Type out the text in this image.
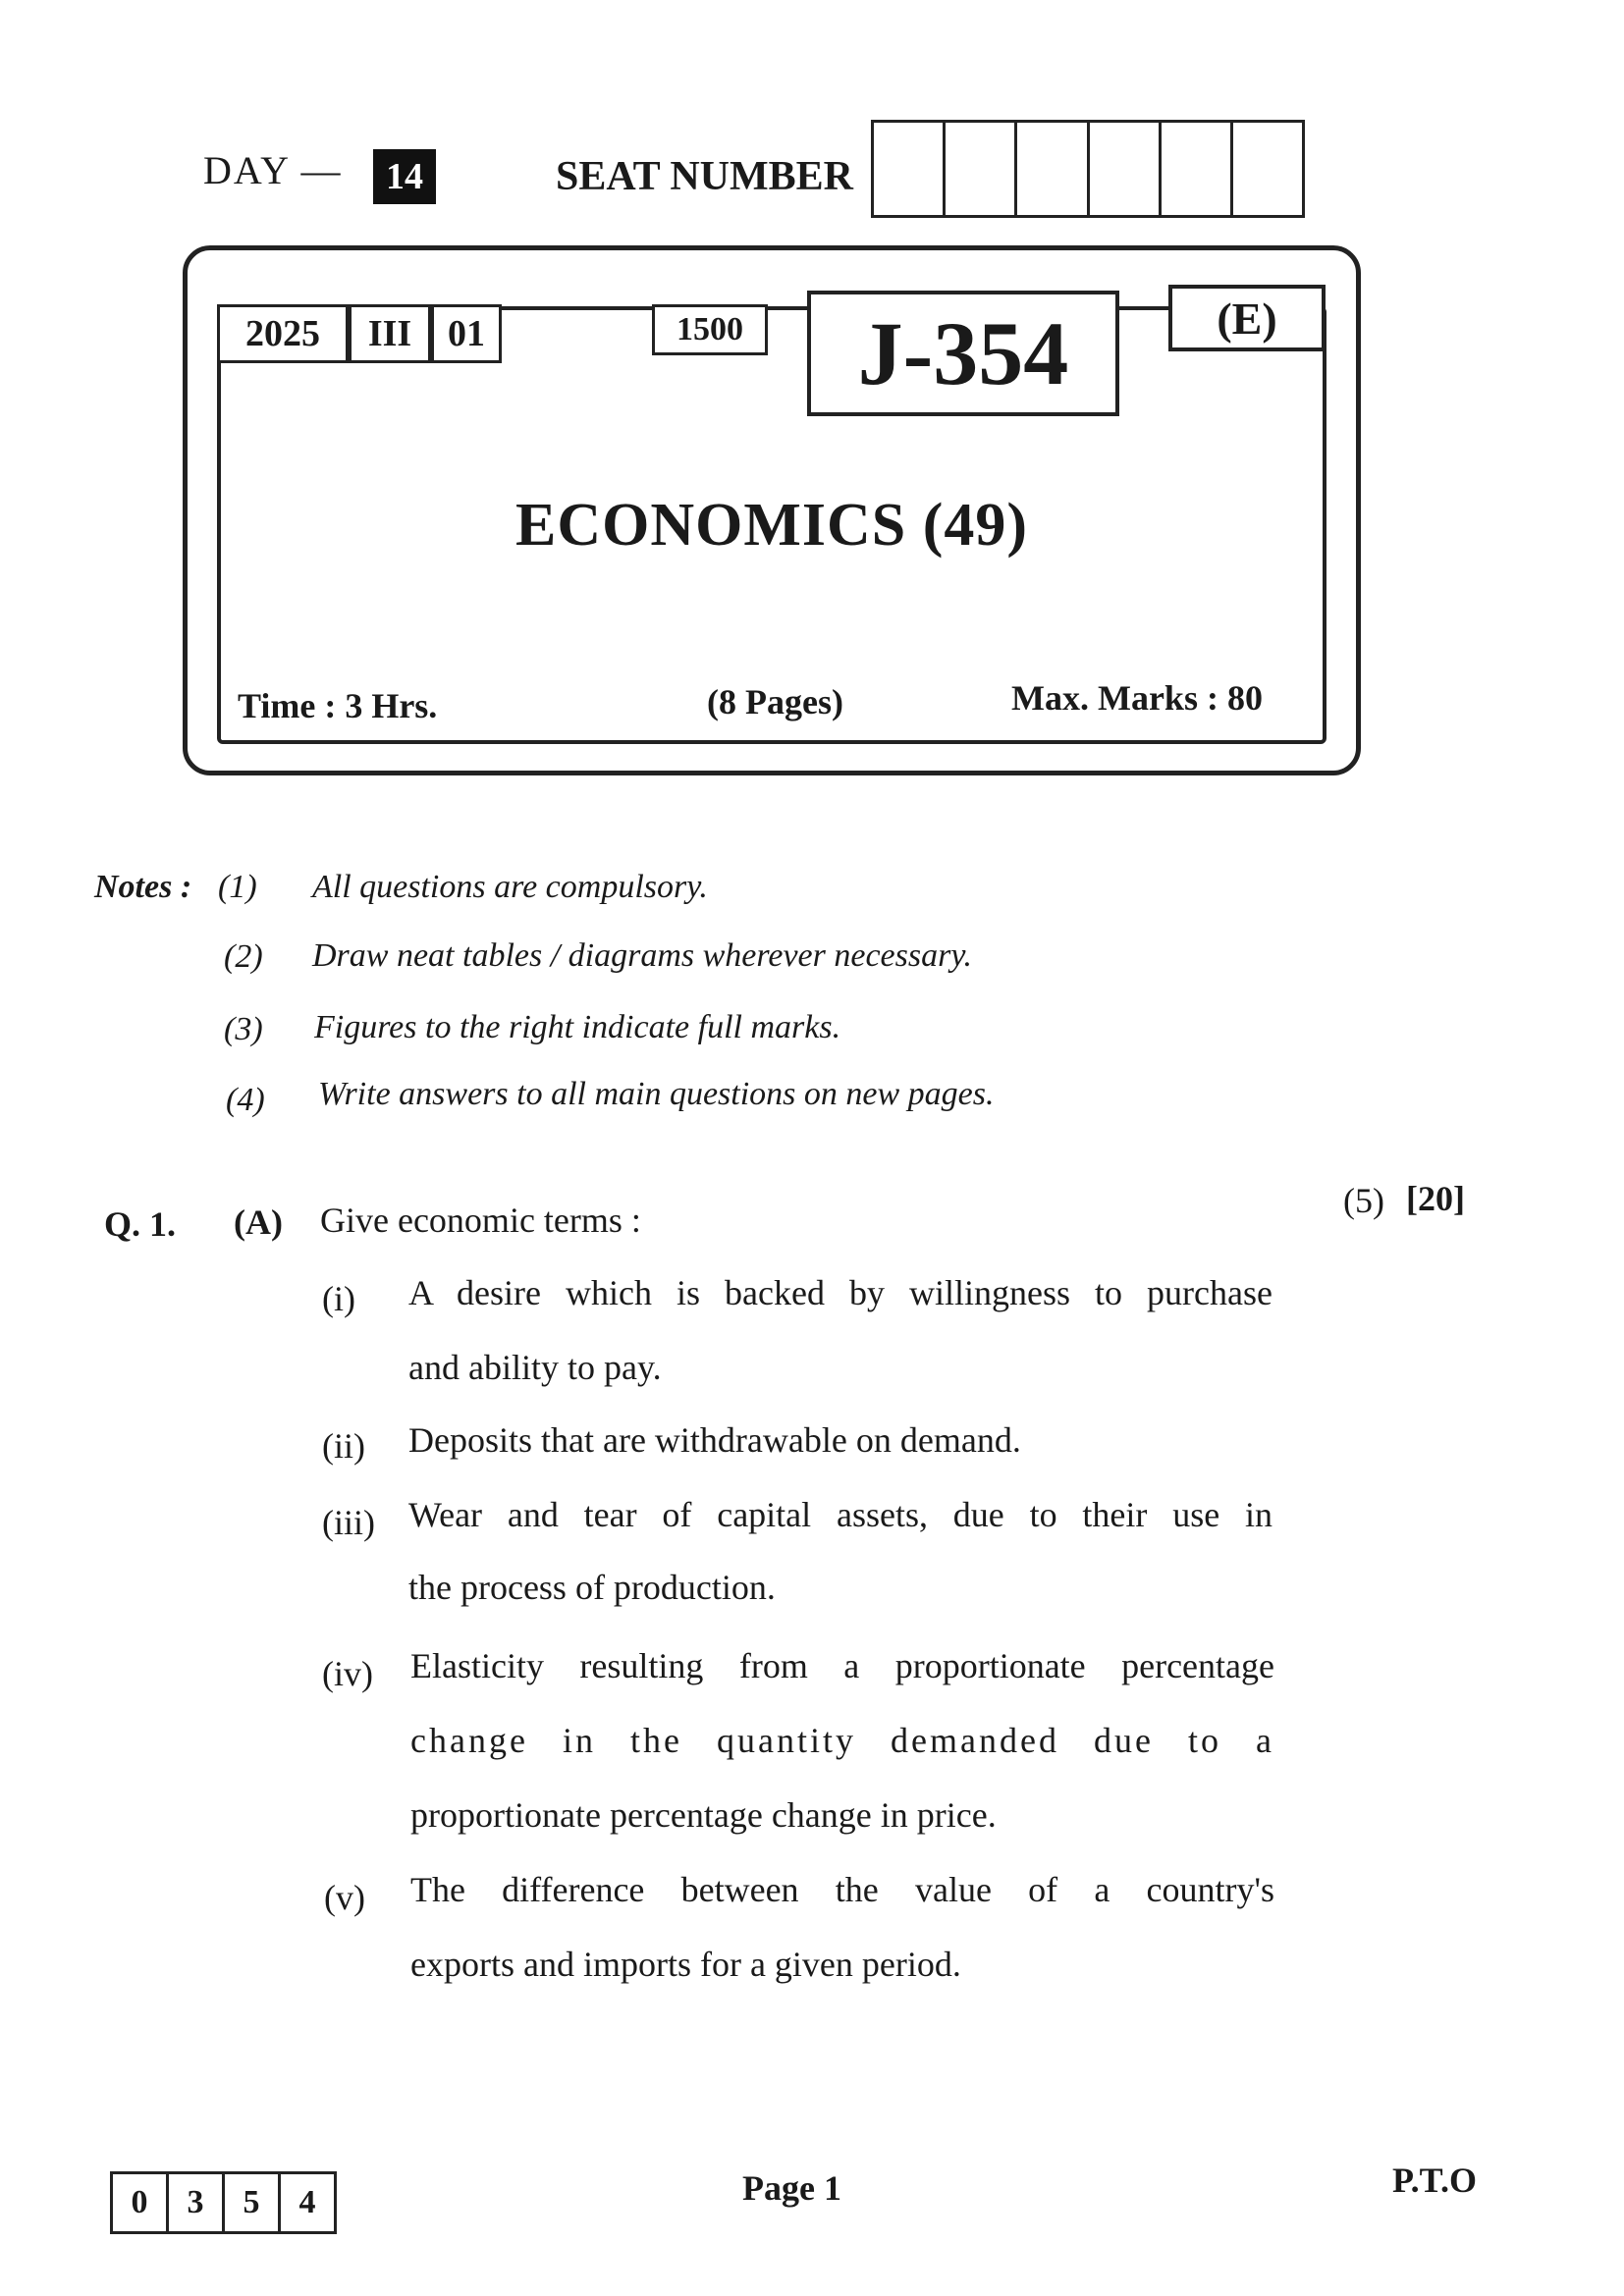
DAY —	14	SEAT NUMBER
2025	III 01	1500	J-354	(E)
ECONOMICS (49)
Time : 3 Hrs.	(8 Pages)	Max. Marks : 80
Notes : (1) All questions are compulsory.
(2) Draw neat tables / diagrams wherever necessary.
(3) Figures to the right indicate full marks.
(4) Write answers to all main questions on new pages.
Q. 1. (A) Give economic terms :	(5) [20]
(i) A desire which is backed by willingness to purchase
and ability to pay.
(ii) Deposits that are withdrawable on demand.
(iii) Wear and tear of capital assets, due to their use in
the process of production.
(iv) Elasticity resulting from a proportionate percentage
change in the quantity demanded due to a
proportionate percentage change in price.
(v) The difference between the value of a country's
exports and imports for a given period.
0	3	5	4	Page 1	P.T.O
